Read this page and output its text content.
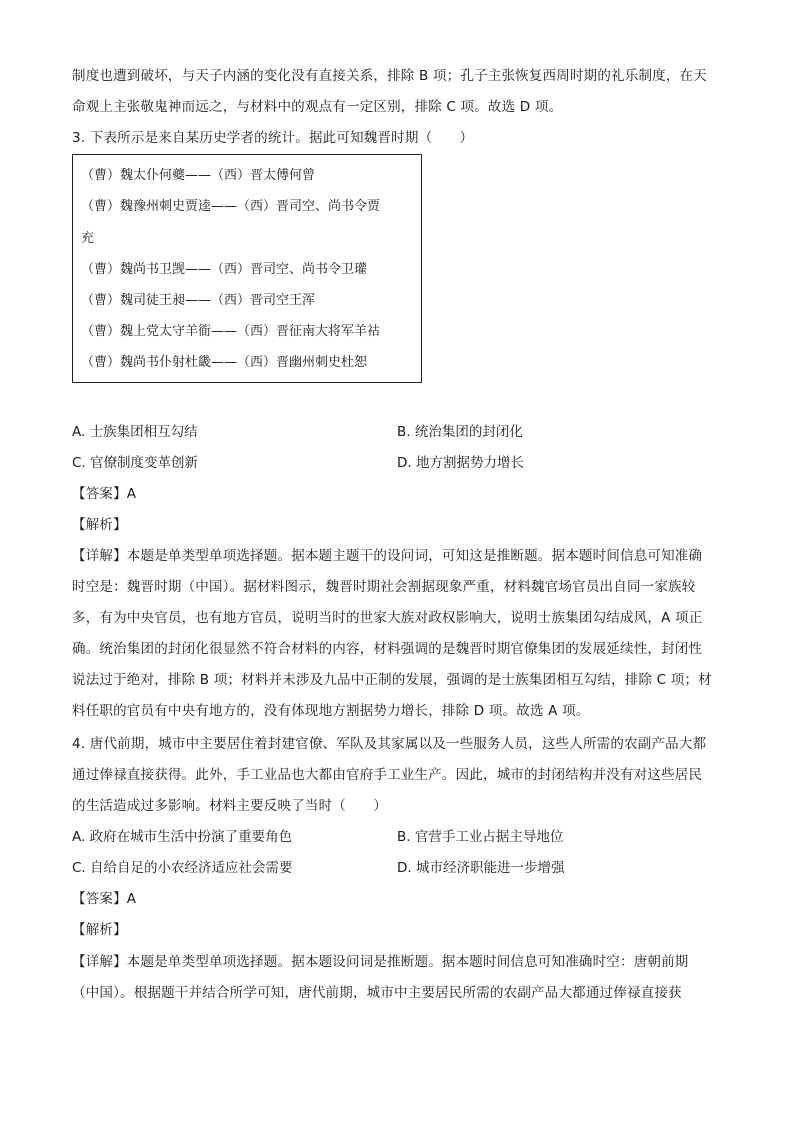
制度也遭到破坏，与天子内涵的变化没有直接关系，排除 B 项；孔子主张恢复西周时期的礼乐制度，在天
命观上主张敬鬼神而远之，与材料中的观点有一定区别，排除 C 项。故选 D 项。
3. 下表所示是来自某历史学者的统计。据此可知魏晋时期（　　）
（曹）魏太仆何夔——（西）晋太傅何曾
（曹）魏豫州刺史贾逵——（西）晋司空、尚书令贾
充
（曹）魏尚书卫觊——（西）晋司空、尚书令卫瓘
（曹）魏司徒王昶——（西）晋司空王浑
（曹）魏上党太守羊衜——（西）晋征南大将军羊祜
（曹）魏尚书仆射杜畿——（西）晋幽州刺史杜恕
A. 士族集团相互勾结	B. 统治集团的封闭化
C. 官僚制度变革创新	D. 地方割据势力增长
【答案】A
【解析】
【详解】本题是单类型单项选择题。据本题主题干的设问词，可知这是推断题。据本题时间信息可知准确
时空是：魏晋时期（中国）。据材料图示，魏晋时期社会割据现象严重，材料魏官场官员出自同一家族较
多，有为中央官员，也有地方官员，说明当时的世家大族对政权影响大，说明士族集团勾结成风，A 项正
确。统治集团的封闭化很显然不符合材料的内容，材料强调的是魏晋时期官僚集团的发展延续性，封闭性
说法过于绝对，排除 B 项；材料并未涉及九品中正制的发展，强调的是士族集团相互勾结，排除 C 项；材
料任职的官员有中央有地方的，没有体现地方割据势力增长，排除 D 项。故选 A 项。
4. 唐代前期，城市中主要居住着封建官僚、军队及其家属以及一些服务人员，这些人所需的农副产品大都
通过俸禄直接获得。此外，手工业品也大都由官府手工业生产。因此，城市的封闭结构并没有对这些居民
的生活造成过多影响。材料主要反映了当时（　　）
A. 政府在城市生活中扮演了重要角色	B. 官营手工业占据主导地位
C. 自给自足的小农经济适应社会需要	D. 城市经济职能进一步增强
【答案】A
【解析】
【详解】本题是单类型单项选择题。据本题设问词是推断题。据本题时间信息可知准确时空：唐朝前期
（中国）。根据题干并结合所学可知，唐代前期，城市中主要居民所需的农副产品大都通过俸禄直接获
